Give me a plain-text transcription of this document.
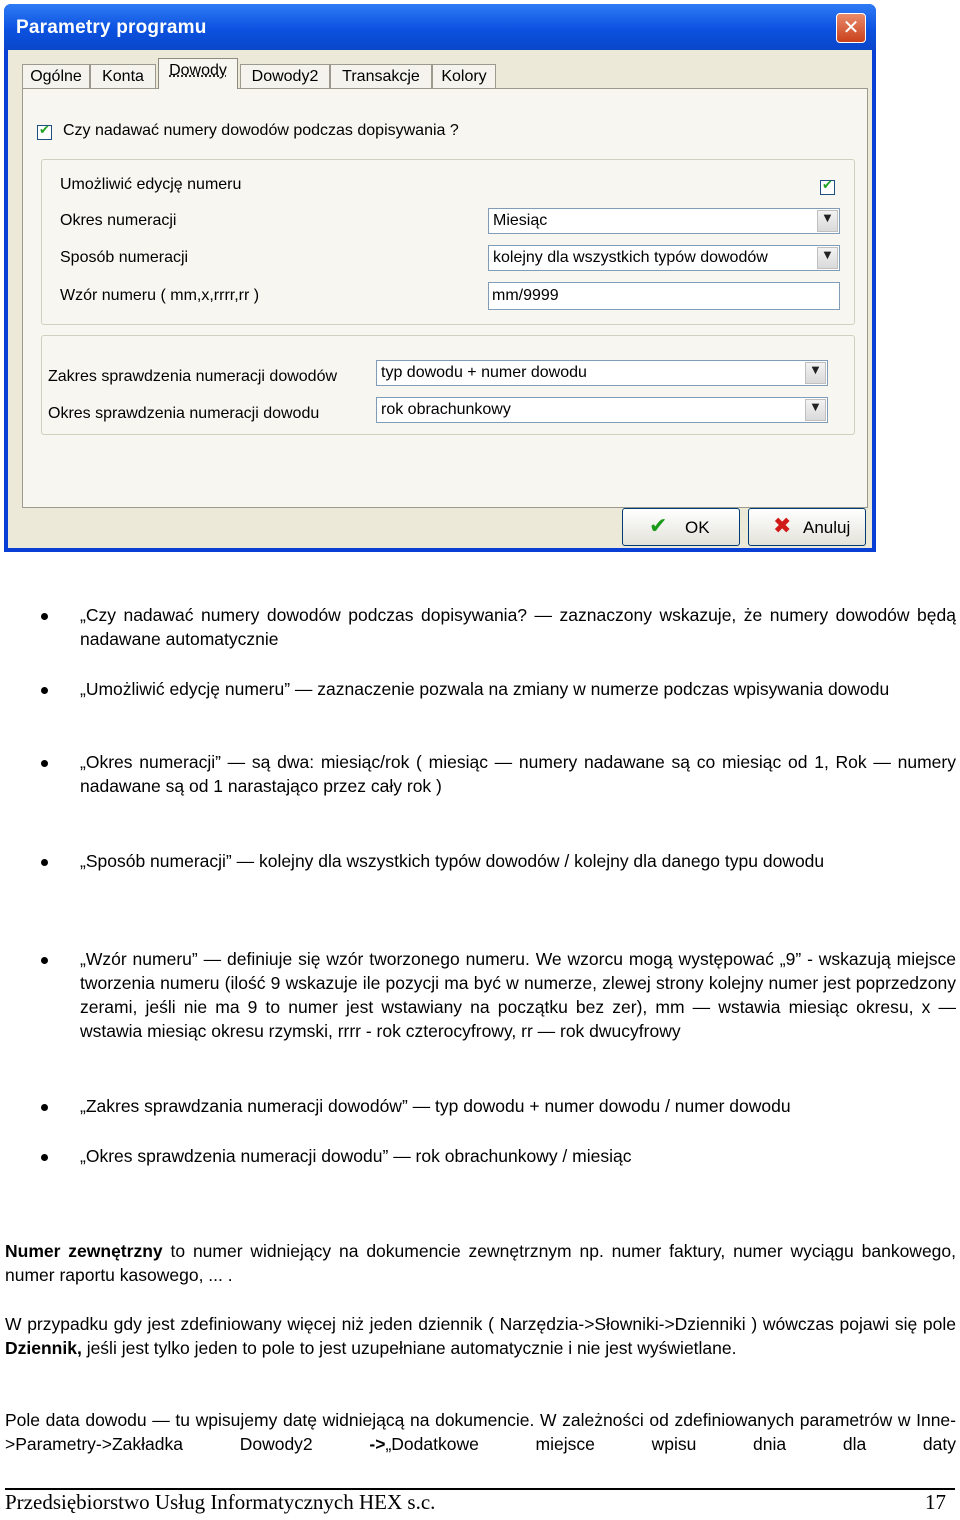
Parametry programu	✕
Ogólne	Konta	Dowody	Dowody2	Transakcje	Kolory
✔ Czy nadawać numery dowodów podczas dopisywania ?
Umożliwić edycję numeru	✔
Okres numeracji	Miesiąc	▼
Sposób numeracji	kolejny dla wszystkich typów dowodów	▼
Wzór numeru ( mm,x,rrrr,rr )	mm/9999
Zakres sprawdzenia numeracji dowodów	typ dowodu + numer dowodu	▼
Okres sprawdzenia numeracji dowodu	rok obrachunkowy	▼
✔ OK	✖ Anuluj
„Czy nadawać numery dowodów podczas dopisywania? — zaznaczony wskazuje, że numery dowodów będą nadawane automatycznie
„Umożliwić edycję numeru” — zaznaczenie pozwala na zmiany w numerze podczas wpisywania dowodu
„Okres numeracji” — są dwa: miesiąc/rok ( miesiąc — numery nadawane są co miesiąc od 1, Rok — numery nadawane są od 1 narastająco przez cały rok )
„Sposób numeracji” — kolejny dla wszystkich typów dowodów / kolejny dla danego typu dowodu
„Wzór numeru” — definiuje się wzór tworzonego numeru. We wzorcu mogą występować „9” - wskazują miejsce tworzenia numeru (ilość 9 wskazuje ile pozycji ma być w numerze, zlewej strony kolejny numer jest poprzedzony zerami, jeśli nie ma 9 to numer jest wstawiany na początku bez zer), mm — wstawia miesiąc okresu, x — wstawia miesiąc okresu rzymski, rrrr - rok czterocyfrowy, rr — rok dwucyfrowy
„Zakres sprawdzania numeracji dowodów” — typ dowodu + numer dowodu / numer dowodu
„Okres sprawdzenia numeracji dowodu” — rok obrachunkowy / miesiąc

Numer zewnętrzny to numer widniejący na dokumencie zewnętrznym np. numer faktury, numer wyciągu bankowego, numer raportu kasowego, ... .

W przypadku gdy jest zdefiniowany więcej niż jeden dziennik ( Narzędzia->Słowniki->Dzienniki ) wówczas pojawi się pole Dziennik, jeśli jest tylko jeden to pole to jest uzupełniane automatycznie i nie jest wyświetlane.

Pole data dowodu — tu wpisujemy datę widniejącą na dokumencie. W zależności od zdefiniowanych parametrów w Inne->Parametry->Zakładka Dowody2 ->„Dodatkowe miejsce wpisu dnia dla daty

Przedsiębiorstwo Usług Informatycznych HEX s.c.	17
